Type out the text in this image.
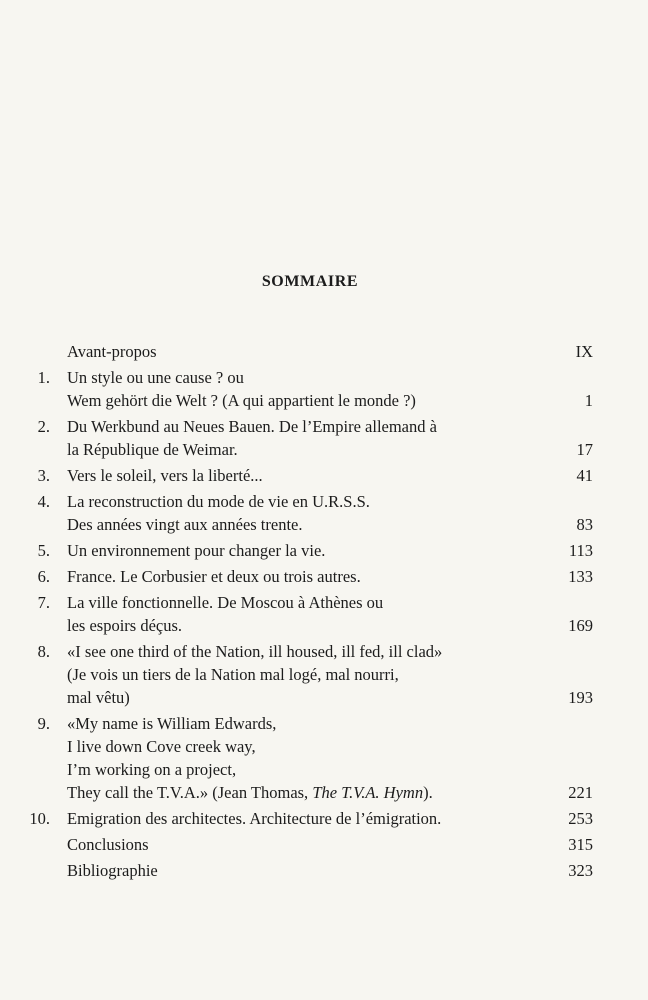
SOMMAIRE
Avant-propos	IX
1. Un style ou une cause ? ou
Wem gehört die Welt ? (A qui appartient le monde ?)	1
2. Du Werkbund au Neues Bauen. De l’Empire allemand à
la République de Weimar.	17
3. Vers le soleil, vers la liberté...	41
4. La reconstruction du mode de vie en U.R.S.S.
Des années vingt aux années trente.	83
5. Un environnement pour changer la vie.	113
6. France. Le Corbusier et deux ou trois autres.	133
7. La ville fonctionnelle. De Moscou à Athènes ou
les espoirs déçus.	169
8. «I see one third of the Nation, ill housed, ill fed, ill clad»
(Je vois un tiers de la Nation mal logé, mal nourri,
mal vêtu)	193
9. «My name is William Edwards,
I live down Cove creek way,
I’m working on a project,
They call the T.V.A.» (Jean Thomas, The T.V.A. Hymn).	221
10. Emigration des architectes. Architecture de l’émigration.	253
Conclusions	315
Bibliographie	323
